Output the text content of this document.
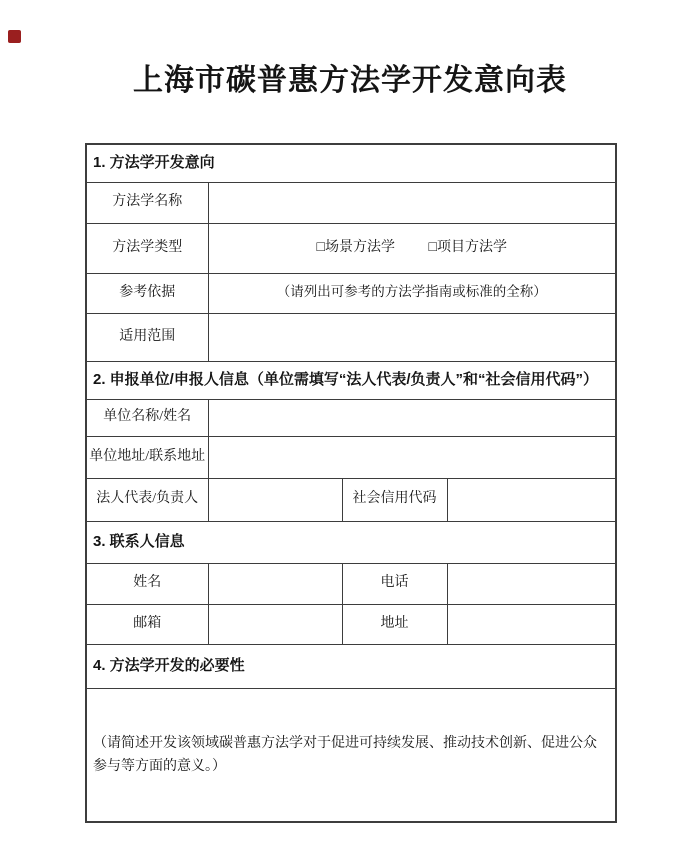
上海市碳普惠方法学开发意向表
1. 方法学开发意向			
方法学名称			
方法学类型	□场景方法学 □项目方法学		
参考依据	（请列出可参考的方法学指南或标准的全称）		
适用范围			
2. 申报单位/申报人信息（单位需填写“法人代表/负责人”和“社会信用代码”）			
单位名称/姓名			
单位地址/联系地址			
法人代表/负责人		社会信用代码	
3. 联系人信息			
姓名		电话	
邮箱		地址	
4. 方法学开发的必要性			
（请简述开发该领域碳普惠方法学对于促进可持续发展、推动技术创新、促进公众参与等方面的意义。）			
